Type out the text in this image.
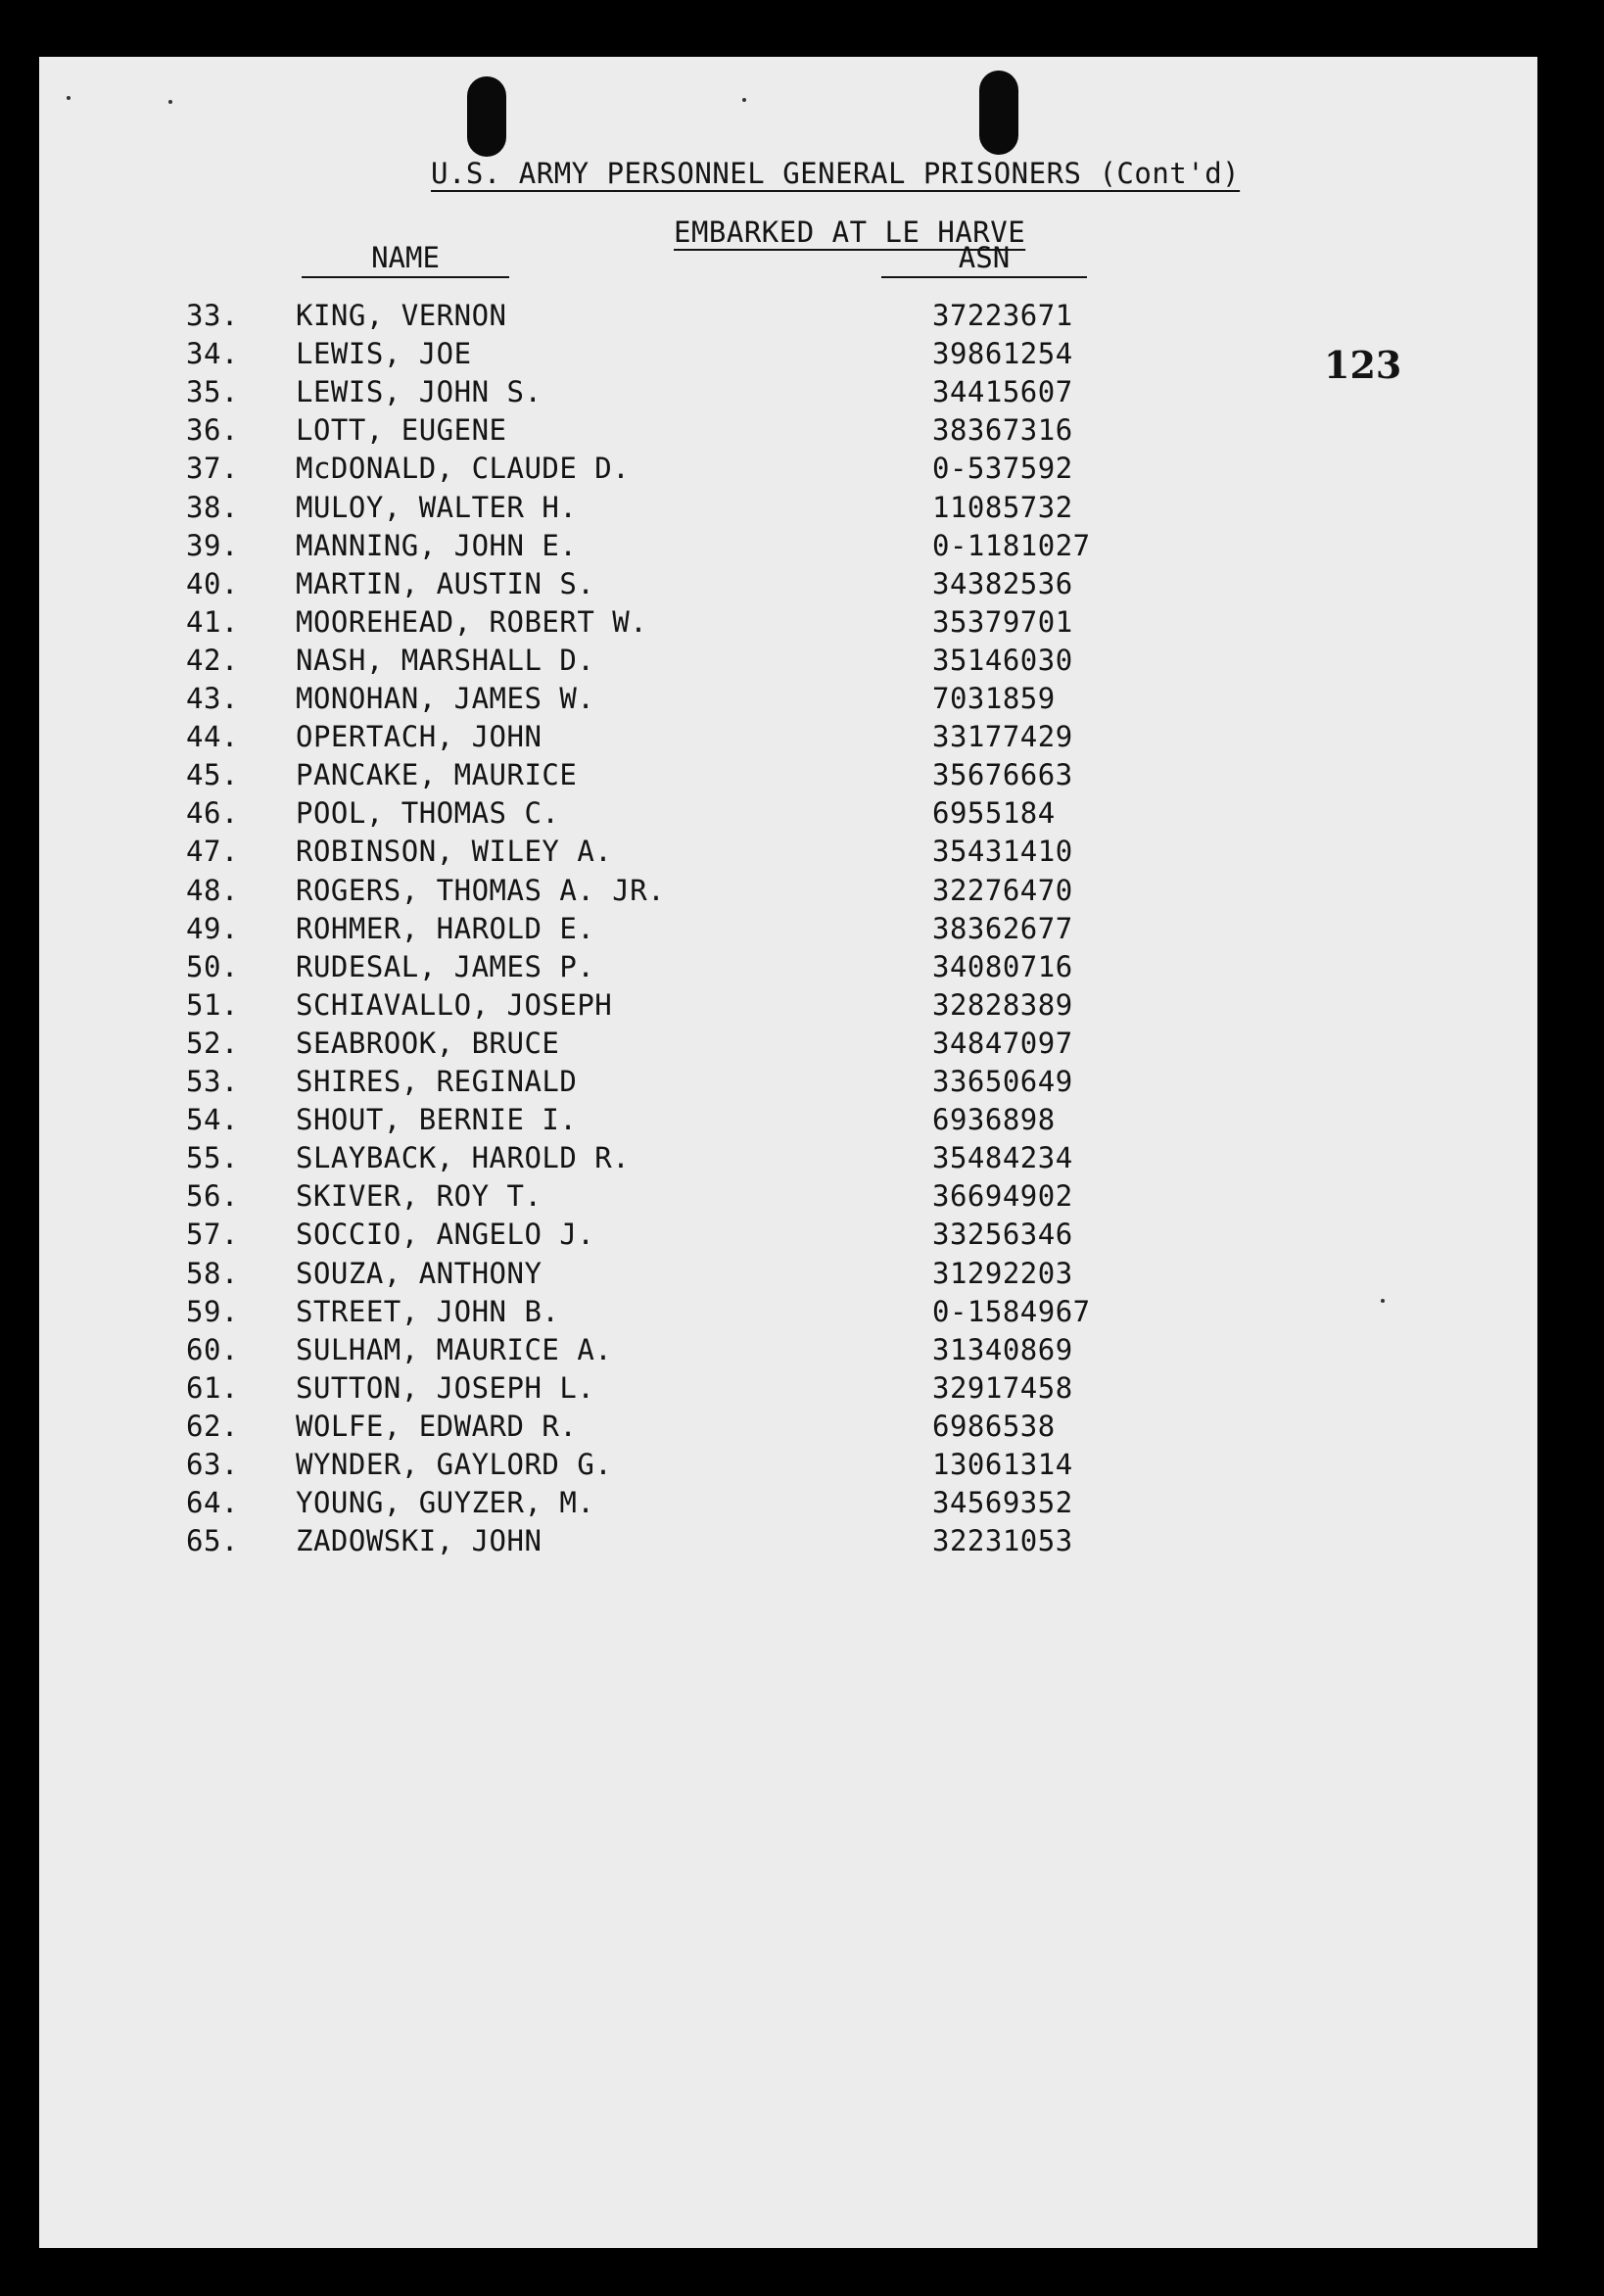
U.S. ARMY PERSONNEL GENERAL PRISONERS (Cont'd)

EMBARKED AT LE HARVE

NAME	ASN
123
33. KING, VERNON	37223671
34. LEWIS, JOE	39861254
35. LEWIS, JOHN S.	34415607
36. LOTT, EUGENE	38367316
37. McDONALD, CLAUDE D.	0-537592
38. MULOY, WALTER H.	11085732
39. MANNING, JOHN E.	0-1181027
40. MARTIN, AUSTIN S.	34382536
41. MOOREHEAD, ROBERT W.	35379701
42. NASH, MARSHALL D.	35146030
43. MONOHAN, JAMES W.	7031859
44. OPERTACH, JOHN	33177429
45. PANCAKE, MAURICE	35676663
46. POOL, THOMAS C.	6955184
47. ROBINSON, WILEY A.	35431410
48. ROGERS, THOMAS A. JR.	32276470
49. ROHMER, HAROLD E.	38362677
50. RUDESAL, JAMES P.	34080716
51. SCHIAVALLO, JOSEPH	32828389
52. SEABROOK, BRUCE	34847097
53. SHIRES, REGINALD	33650649
54. SHOUT, BERNIE I.	6936898
55. SLAYBACK, HAROLD R.	35484234
56. SKIVER, ROY T.	36694902
57. SOCCIO, ANGELO J.	33256346
58. SOUZA, ANTHONY	31292203
59. STREET, JOHN B.	0-1584967
60. SULHAM, MAURICE A.	31340869
61. SUTTON, JOSEPH L.	32917458
62. WOLFE, EDWARD R.	6986538
63. WYNDER, GAYLORD G.	13061314
64. YOUNG, GUYZER, M.	34569352
65. ZADOWSKI, JOHN	32231053
